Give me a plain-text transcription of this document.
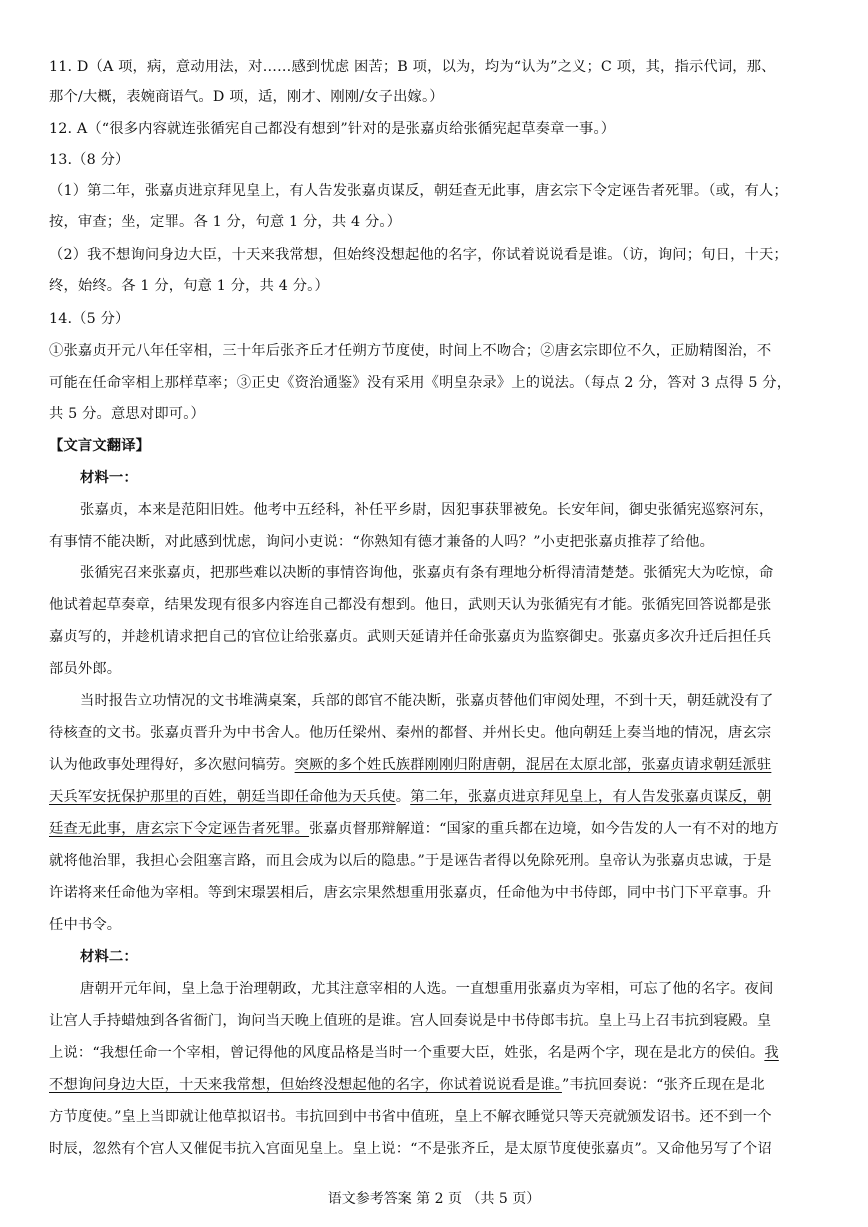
11. D（A 项，病，意动用法，对……感到忧虑 困苦；B 项，以为，均为“认为”之义；C 项，其，指示代词，那、
那个/大概，表婉商语气。D 项，适，刚才、刚刚/女子出嫁。）
12. A（“很多内容就连张循宪自己都没有想到”针对的是张嘉贞给张循宪起草奏章一事。）
13.（8 分）
（1）第二年，张嘉贞进京拜见皇上，有人告发张嘉贞谋反，朝廷查无此事，唐玄宗下令定诬告者死罪。（或，有人；
按，审查；坐，定罪。各 1 分，句意 1 分，共 4 分。）
（2）我不想询问身边大臣，十天来我常想，但始终没想起他的名字，你试着说说看是谁。（访，询问；旬日，十天；
终，始终。各 1 分，句意 1 分，共 4 分。）
14.（5 分）
①张嘉贞开元八年任宰相，三十年后张齐丘才任朔方节度使，时间上不吻合；②唐玄宗即位不久，正励精图治，不
可能在任命宰相上那样草率；③正史《资治通鉴》没有采用《明皇杂录》上的说法。（每点 2 分，答对 3 点得 5 分，
共 5 分。意思对即可。）
【文言文翻译】
材料一：
张嘉贞，本来是范阳旧姓。他考中五经科，补任平乡尉，因犯事获罪被免。长安年间，御史张循宪巡察河东，
有事情不能决断，对此感到忧虑，询问小吏说：“你熟知有德才兼备的人吗？”小吏把张嘉贞推荐了给他。
张循宪召来张嘉贞，把那些难以决断的事情咨询他，张嘉贞有条有理地分析得清清楚楚。张循宪大为吃惊，命
他试着起草奏章，结果发现有很多内容连自己都没有想到。他日，武则天认为张循宪有才能。张循宪回答说都是张
嘉贞写的，并趁机请求把自己的官位让给张嘉贞。武则天延请并任命张嘉贞为监察御史。张嘉贞多次升迁后担任兵
部员外郎。
当时报告立功情况的文书堆满桌案，兵部的郎官不能决断，张嘉贞替他们审阅处理，不到十天，朝廷就没有了
待核查的文书。张嘉贞晋升为中书舍人。他历任梁州、秦州的都督、并州长史。他向朝廷上奏当地的情况，唐玄宗
认为他政事处理得好，多次慰问犒劳。突厥的多个姓氏族群刚刚归附唐朝，混居在太原北部，张嘉贞请求朝廷派驻
天兵军安抚保护那里的百姓，朝廷当即任命他为天兵使。第二年，张嘉贞进京拜见皇上，有人告发张嘉贞谋反，朝
廷查无此事，唐玄宗下令定诬告者死罪。张嘉贞督那辩解道：“国家的重兵都在边境，如今告发的人一有不对的地方
就将他治罪，我担心会阻塞言路，而且会成为以后的隐患。”于是诬告者得以免除死刑。皇帝认为张嘉贞忠诚，于是
许诺将来任命他为宰相。等到宋璟罢相后，唐玄宗果然想重用张嘉贞，任命他为中书侍郎，同中书门下平章事。升
任中书令。
材料二：
唐朝开元年间，皇上急于治理朝政，尤其注意宰相的人选。一直想重用张嘉贞为宰相，可忘了他的名字。夜间
让宫人手持蜡烛到各省衙门，询问当天晚上值班的是谁。宫人回奏说是中书侍郎韦抗。皇上马上召韦抗到寝殿。皇
上说：“我想任命一个宰相，曾记得他的风度品格是当时一个重要大臣，姓张，名是两个字，现在是北方的侯伯。我
不想询问身边大臣，十天来我常想，但始终没想起他的名字，你试着说说看是谁。”韦抗回奏说：“张齐丘现在是北
方节度使。”皇上当即就让他草拟诏书。韦抗回到中书省中值班，皇上不解衣睡觉只等天亮就颁发诏书。还不到一个
时辰，忽然有个宫人又催促韦抗入宫面见皇上。皇上说：“不是张齐丘，是太原节度使张嘉贞”。又命他另写了个诏
语文参考答案 第 2 页 （共 5 页）
